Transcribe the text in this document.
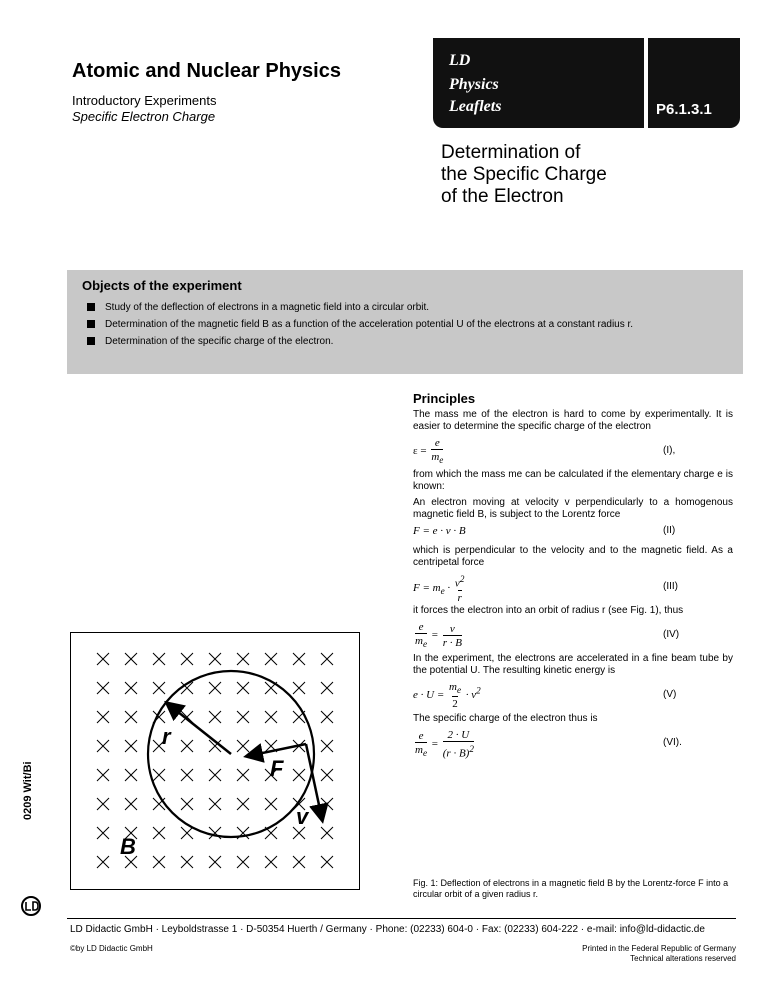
Atomic and Nuclear Physics
Introductory Experiments
Specific Electron Charge
LD
Physics
Leaflets	P6.1.3.1
Determination of
the Specific Charge
of the Electron
Objects of the experiment
Study of the deflection of electrons in a magnetic field into a circular orbit.
Determination of the magnetic field B as a function of the acceleration potential U of the electrons at a constant radius r.
Determination of the specific charge of the electron.
Principles

The mass me of the electron is hard to come by experimentally. It is easier to determine the specific charge of the electron

$\varepsilon = \frac{e}{m_e}$	(I),

from which the mass me can be calculated if the elementary charge e is known:

An electron moving at velocity v perpendicularly to a homogenous magnetic field B, is subject to the Lorentz force

F = e · v · B	(II)

which is perpendicular to the velocity and to the magnetic field. As a centripetal force

$F = m_e \cdot \frac{v^2}{r}$	(III)

it forces the electron into an orbit of radius r (see Fig. 1), thus

$\frac{e}{m_e} = \frac{v}{r \cdot B}$	(IV)

In the experiment, the electrons are accelerated in a fine beam tube by the potential U. The resulting kinetic energy is

$e \cdot U = \frac{m_e}{2} \cdot v^2$	(V)

The specific charge of the electron thus is

$\frac{e}{m_e} = \frac{2 \cdot U}{(r \cdot B)^2}$	(VI).
r
F
v
B
Fig. 1: Deflection of electrons in a magnetic field B by the Lorentz-force F into a circular orbit of a given radius r.
0209 Wit/Bi
LD Didactic GmbH · Leyboldstrasse 1 · D-50354 Huerth / Germany · Phone: (02233) 604-0 · Fax: (02233) 604-222 · e-mail: info@ld-didactic.de
©by LD Didactic GmbH	Printed in the Federal Republic of Germany
Technical alterations reserved
